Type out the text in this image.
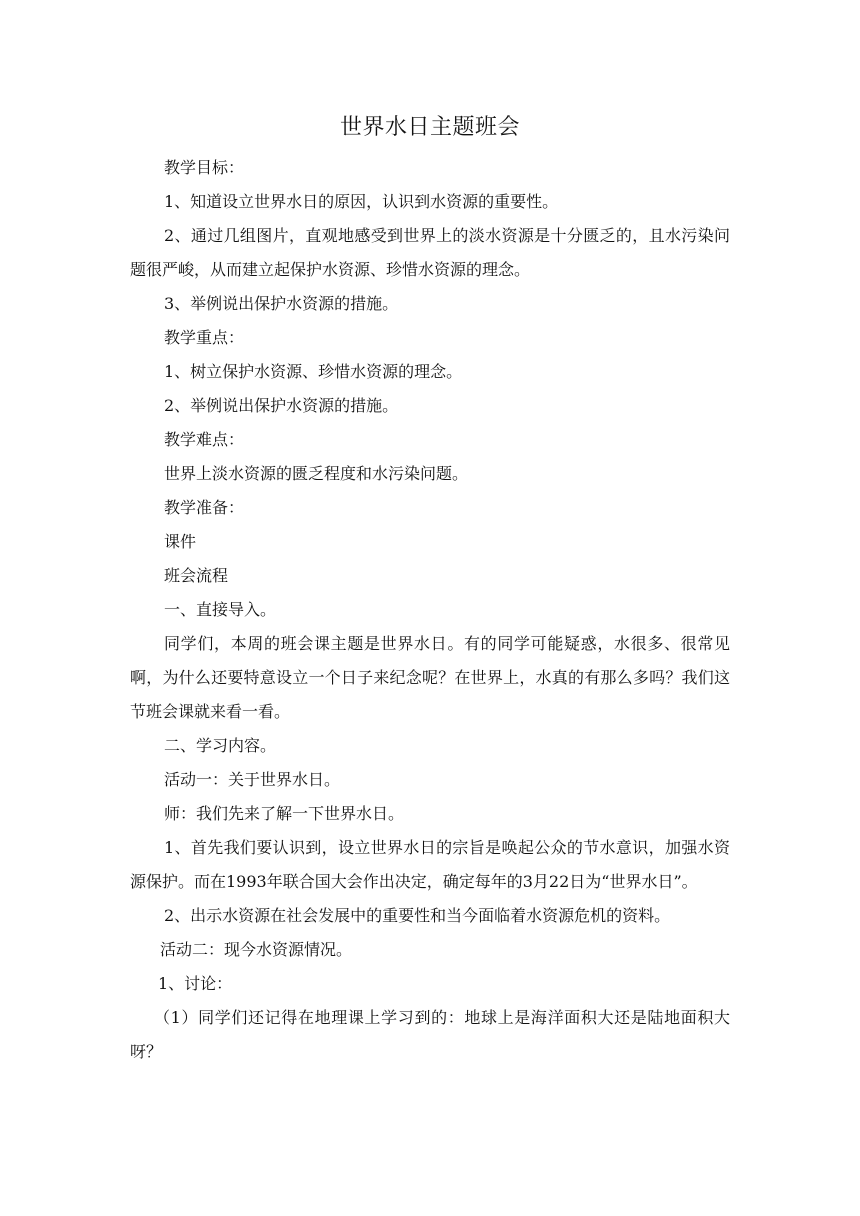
世界水日主题班会

教学目标：

1、知道设立世界水日的原因，认识到水资源的重要性。

2、通过几组图片，直观地感受到世界上的淡水资源是十分匮乏的，且水污染问题很严峻，从而建立起保护水资源、珍惜水资源的理念。

3、举例说出保护水资源的措施。

教学重点：

1、树立保护水资源、珍惜水资源的理念。

2、举例说出保护水资源的措施。

教学难点：

世界上淡水资源的匮乏程度和水污染问题。

教学准备：

课件

班会流程

一、直接导入。

同学们，本周的班会课主题是世界水日。有的同学可能疑惑，水很多、很常见啊，为什么还要特意设立一个日子来纪念呢？在世界上，水真的有那么多吗？我们这节班会课就来看一看。

二、学习内容。

活动一：关于世界水日。

师：我们先来了解一下世界水日。

1、首先我们要认识到，设立世界水日的宗旨是唤起公众的节水意识，加强水资源保护。而在1993年联合国大会作出决定，确定每年的3月22日为“世界水日”。

2、出示水资源在社会发展中的重要性和当今面临着水资源危机的资料。

活动二：现今水资源情况。

1、讨论：

（1）同学们还记得在地理课上学习到的：地球上是海洋面积大还是陆地面积大呀？
